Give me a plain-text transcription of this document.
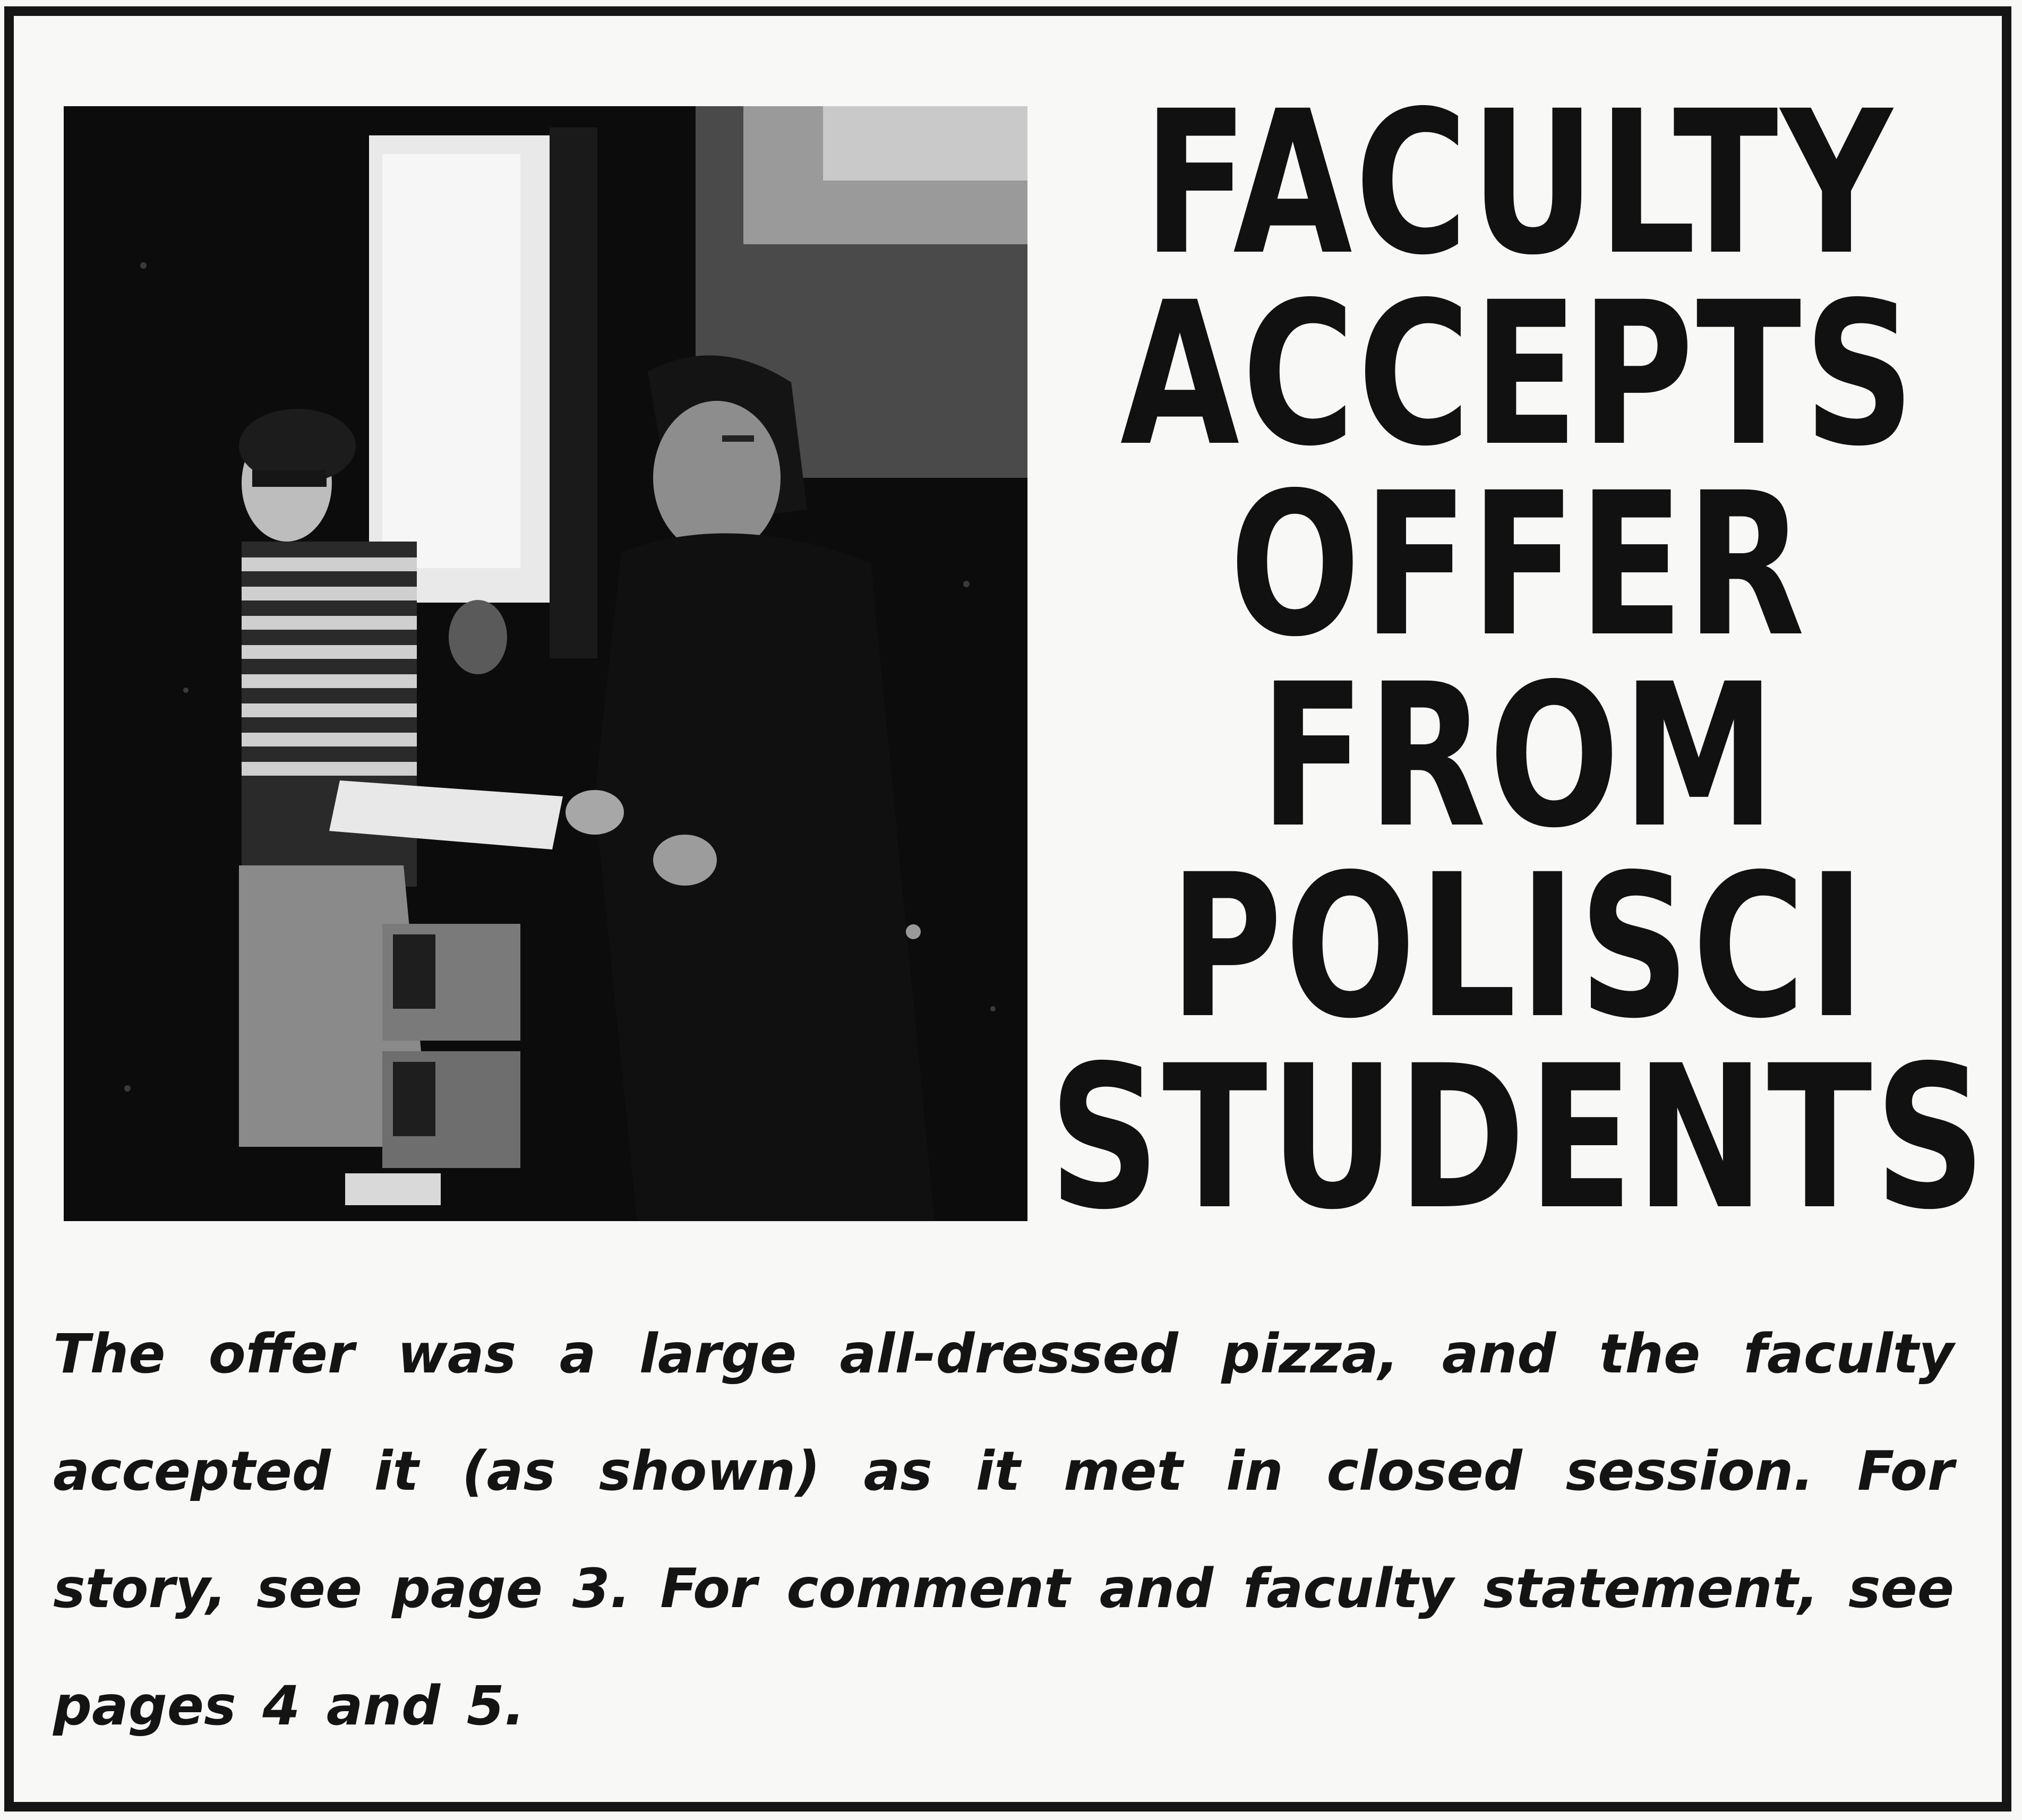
FACULTY
ACCEPTS
OFFER
FROM
POLISCI
STUDENTS

The offer was a large all-dressed pizza, and the faculty accepted it (as shown) as it met in closed session. For story, see page 3. For comment and faculty statement, see pages 4 and 5.
